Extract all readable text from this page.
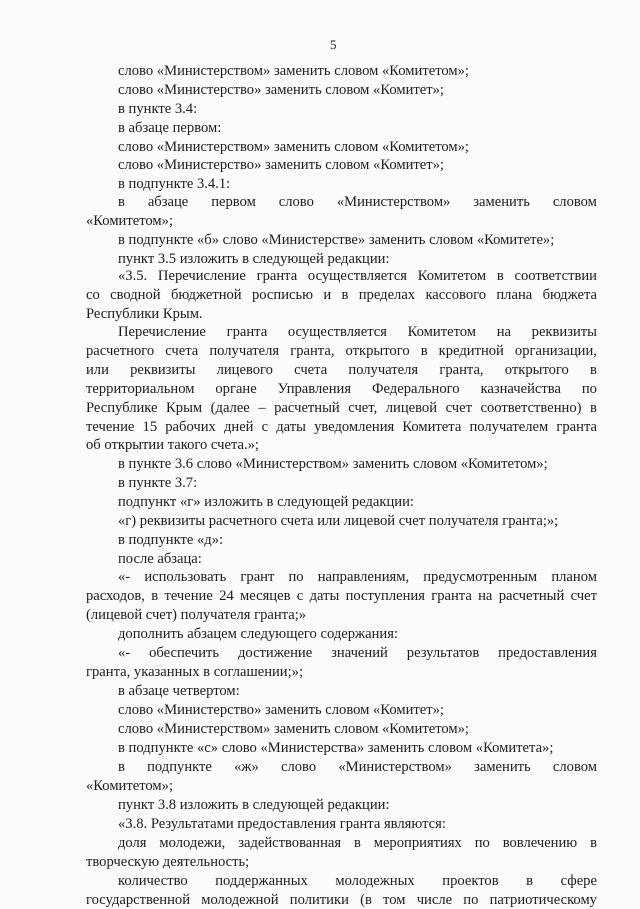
5
слово «Министерством» заменить словом «Комитетом»;
слово «Министерство» заменить словом «Комитет»;
в пункте 3.4:
в абзаце первом:
слово «Министерством» заменить словом «Комитетом»;
слово «Министерство» заменить словом «Комитет»;
в подпункте 3.4.1:
в абзаце первом слово «Министерством» заменить словом
«Комитетом»;
в подпункте «б» слово «Министерстве» заменить словом «Комитете»;
пункт 3.5 изложить в следующей редакции:
«3.5. Перечисление гранта осуществляется Комитетом в соответствии
со сводной бюджетной росписью и в пределах кассового плана бюджета
Республики Крым.
Перечисление гранта осуществляется Комитетом на реквизиты
расчетного счета получателя гранта, открытого в кредитной организации,
или реквизиты лицевого счета получателя гранта, открытого в
территориальном органе Управления Федерального казначейства по
Республике Крым (далее – расчетный счет, лицевой счет соответственно) в
течение 15 рабочих дней с даты уведомления Комитета получателем гранта
об открытии такого счета.»;
в пункте 3.6 слово «Министерством» заменить словом «Комитетом»;
в пункте 3.7:
подпункт «г» изложить в следующей редакции:
«г) реквизиты расчетного счета или лицевой счет получателя гранта;»;
в подпункте «д»:
после абзаца:
«- использовать грант по направлениям, предусмотренным планом
расходов, в течение 24 месяцев с даты поступления гранта на расчетный счет
(лицевой счет) получателя гранта;»
дополнить абзацем следующего содержания:
«- обеспечить достижение значений результатов предоставления
гранта, указанных в соглашении;»;
в абзаце четвертом:
слово «Министерство» заменить словом «Комитет»;
слово «Министерством» заменить словом «Комитетом»;
в подпункте «с» слово «Министерства» заменить словом «Комитета»;
в подпункте «ж» слово «Министерством» заменить словом
«Комитетом»;
пункт 3.8 изложить в следующей редакции:
«3.8. Результатами предоставления гранта являются:
доля молодежи, задействованная в мероприятиях по вовлечению в
творческую деятельность;
количество поддержанных молодежных проектов в сфере
государственной молодежной политики (в том числе по патриотическому
